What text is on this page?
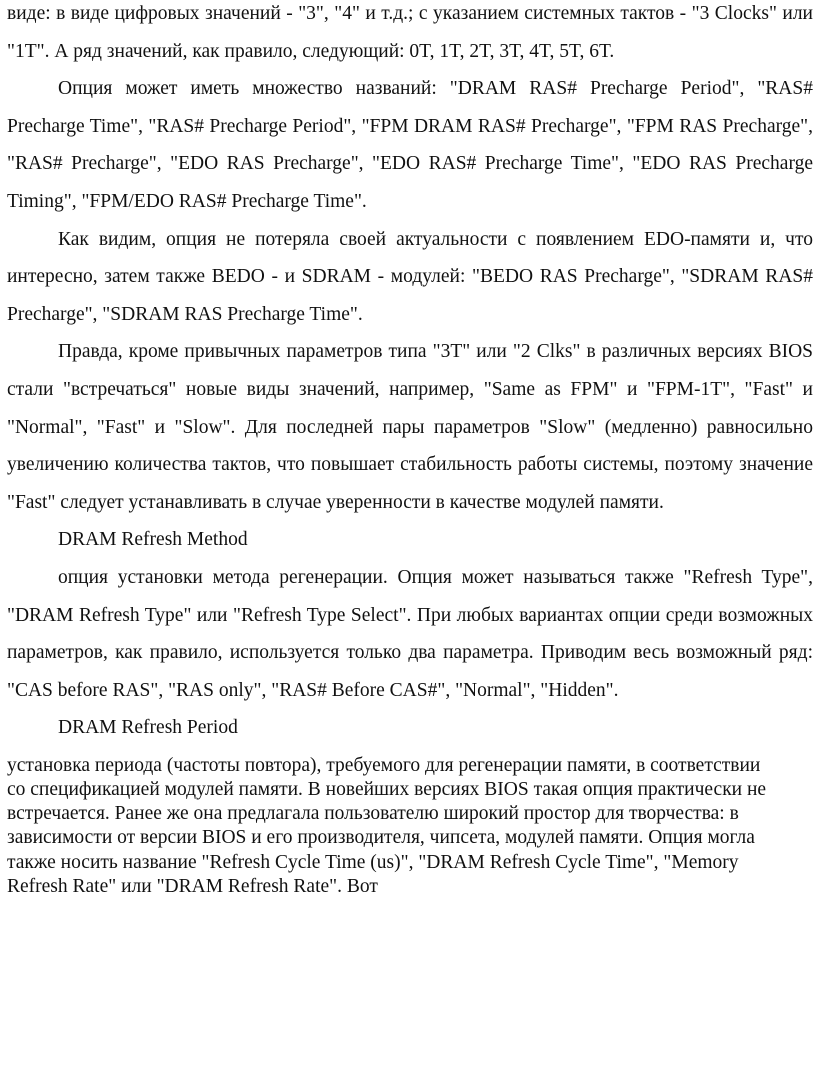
виде: в виде цифровых значений - "3", "4" и т.д.; с указанием системных тактов - "3 Clocks" или "1T". А ряд значений, как правило, следующий: 0T, 1T, 2T, 3T, 4T, 5T, 6T.

Опция может иметь множество названий: "DRAM RAS# Precharge Period", "RAS# Precharge Time", "RAS# Precharge Period", "FPM DRAM RAS# Precharge", "FPM RAS Precharge", "RAS# Precharge", "EDO RAS Precharge", "EDO RAS# Precharge Time", "EDO RAS Precharge Timing", "FPM/EDO RAS# Precharge Time".

Как видим, опция не потеряла своей актуальности с появлением EDO-памяти и, что интересно, затем также BEDO - и SDRAM - модулей: "BEDO RAS Precharge", "SDRAM RAS# Precharge", "SDRAM RAS Precharge Time".

Правда, кроме привычных параметров типа "3T" или "2 Clks" в различных версиях BIOS стали "встречаться" новые виды значений, например, "Same as FPM" и "FPM-1T", "Fast" и "Normal", "Fast" и "Slow". Для последней пары параметров "Slow" (медленно) равносильно увеличению количества тактов, что повышает стабильность работы системы, поэтому значение "Fast" следует устанавливать в случае уверенности в качестве модулей памяти.

DRAM Refresh Method

опция установки метода регенерации. Опция может называться также "Refresh Type", "DRAM Refresh Type" или "Refresh Type Select". При любых вариантах опции среди возможных параметров, как правило, используется только два параметра. Приводим весь возможный ряд: "CAS before RAS", "RAS only", "RAS# Before CAS#", "Normal", "Hidden".

DRAM Refresh Period

установка периода (частоты повтора), требуемого для регенерации памяти, в соответствии со спецификацией модулей памяти. В новейших версиях BIOS такая опция практически не встречается. Ранее же она предлагала пользователю широкий простор для творчества: в зависимости от версии BIOS и его производителя, чипсета, модулей памяти. Опция могла также носить название "Refresh Cycle Time (us)", "DRAM Refresh Cycle Time", "Memory Refresh Rate" или "DRAM Refresh Rate". Вот
